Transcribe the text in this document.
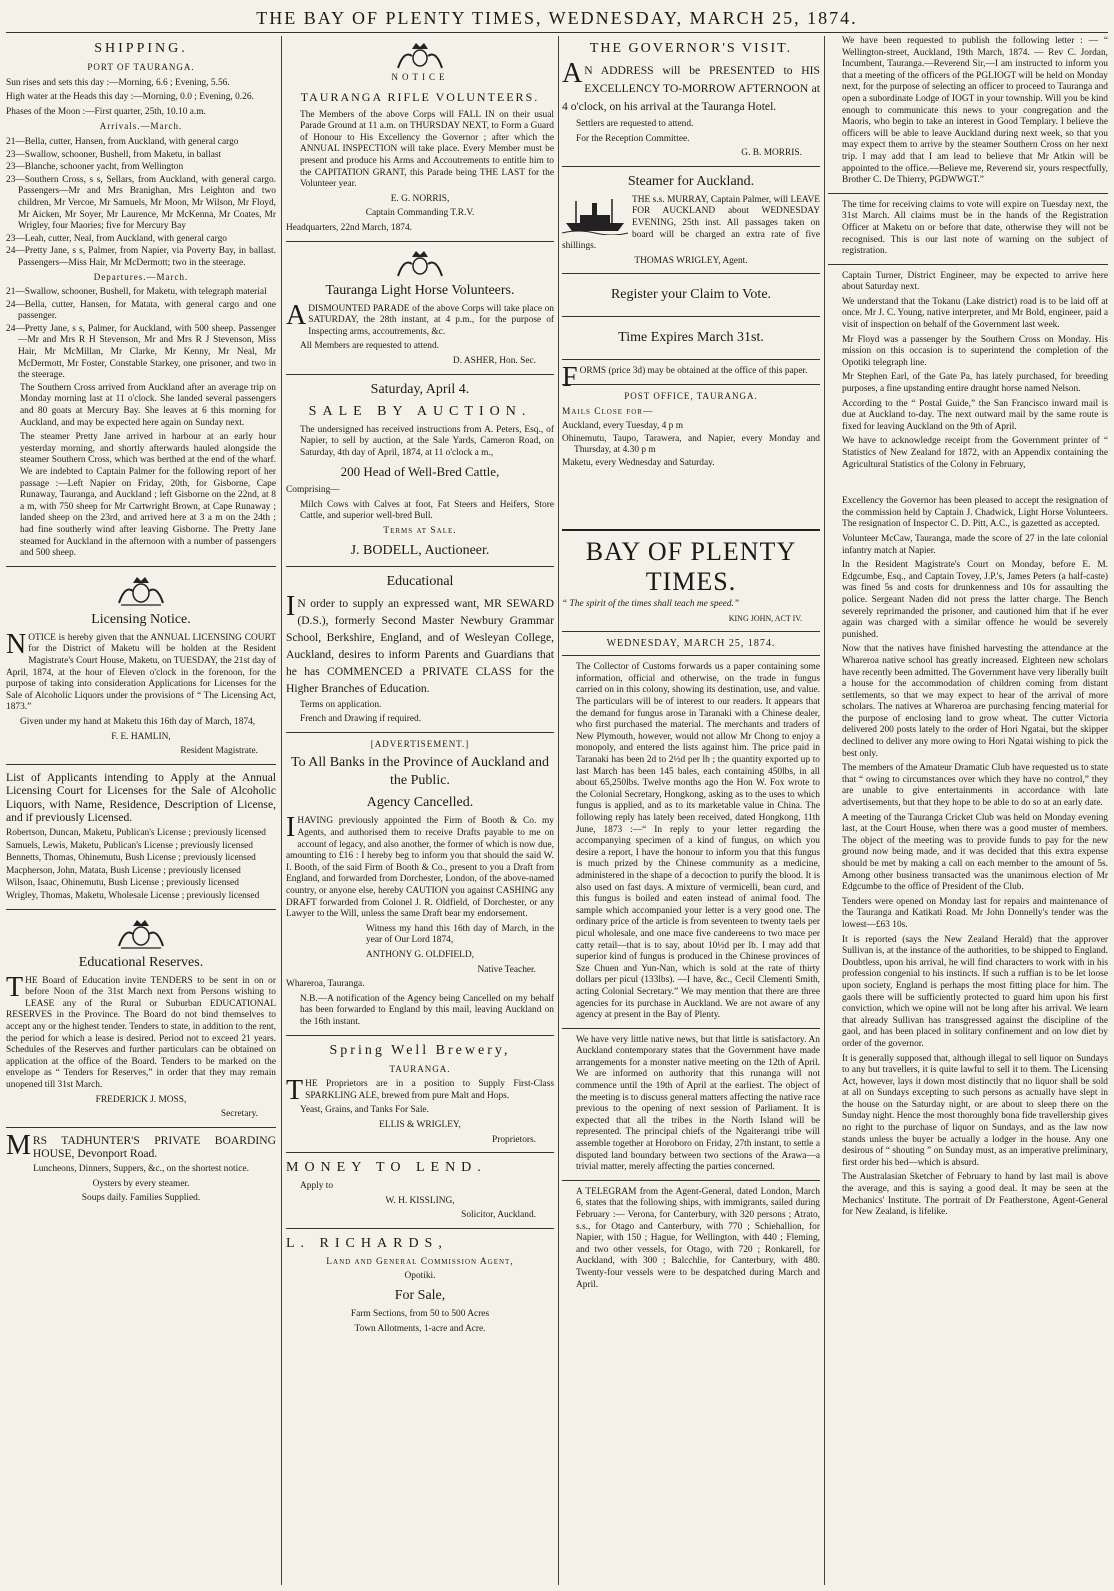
THE BAY OF PLENTY TIMES, WEDNESDAY, MARCH 25, 1874.
SHIPPING.
PORT OF TAURANGA.

Sun rises and sets this day :—Morning, 6.6 ; Evening, 5.56.

High water at the Heads this day :—Morning, 0.0 ; Evening, 0.26.

Phases of the Moon :—First quarter, 25th, 10.10 a.m.

Arrivals.—March.

21—Bella, cutter, Hansen, from Auckland, with general cargo

23—Swallow, schooner, Bushell, from Maketu, in ballast

23—Blanche, schooner yacht, from Wellington

23—Southern Cross, s s, Sellars, from Auckland, with general cargo. Passengers—Mr and Mrs Branighan, Mrs Leighton and two children, Mr Vercoe, Mr Samuels, Mr Moon, Mr Wilson, Mr Floyd, Mr Aicken, Mr Soyer, Mr Laurence, Mr McKenna, Mr Coates, Mr Wrigley, four Maories; five for Mercury Bay

23—Leah, cutter, Neal, from Auckland, with general cargo

24—Pretty Jane, s s, Palmer, from Napier, via Poverty Bay, in ballast. Passengers—Miss Hair, Mr McDermott; two in the steerage.

Departures.—March.

21—Swallow, schooner, Bushell, for Maketu, with telegraph material

24—Bella, cutter, Hansen, for Matata, with general cargo and one passenger.

24—Pretty Jane, s s, Palmer, for Auckland, with 500 sheep. Passenger—Mr and Mrs R H Stevenson, Mr and Mrs R J Stevenson, Miss Hair, Mr McMillan, Mr Clarke, Mr Kenny, Mr Neal, Mr McDermott, Mr Foster, Constable Starkey, one prisoner, and two in the steerage.

The Southern Cross arrived from Auckland after an average trip on Monday morning last at 11 o'clock. She landed several passengers and 80 goats at Mercury Bay. She leaves at 6 this morning for Auckland, and may be expected here again on Sunday next.

The steamer Pretty Jane arrived in harbour at an early hour yesterday morning, and shortly afterwards hauled alongside the steamer Southern Cross, which was berthed at the end of the wharf. We are indebted to Captain Palmer for the following report of her passage :—Left Napier on Friday, 20th, for Gisborne, Cape Runaway, Tauranga, and Auckland ; left Gisborne on the 22nd, at 8 a m, with 750 sheep for Mr Cartwright Brown, at Cape Runaway ; landed sheep on the 23rd, and arrived here at 3 a m on the 24th ; had fine southerly wind after leaving Gisborne. The Pretty Jane steamed for Auckland in the afternoon with a number of passengers and 500 sheep.

Licensing Notice.

NOTICE is hereby given that the ANNUAL LICENSING COURT for the District of Maketu will be holden at the Resident Magistrate's Court House, Maketu, on TUESDAY, the 21st day of April, 1874, at the hour of Eleven o'clock in the forenoon, for the purpose of taking into consideration Applications for Licenses for the Sale of Alcoholic Liquors under the provisions of “ The Licensing Act, 1873.”

Given under my hand at Maketu this 16th day of March, 1874,

F. E. HAMLIN,

Resident Magistrate.

List of Applicants intending to Apply at the Annual Licensing Court for Licenses for the Sale of Alcoholic Liquors, with Name, Residence, Description of License, and if previously Licensed.

Robertson, Duncan, Maketu, Publican's License ; previously licensed

Samuels, Lewis, Maketu, Publican's License ; previously licensed

Bennetts, Thomas, Ohinemutu, Bush License ; previously licensed

Macpherson, John, Matata, Bush License ; previously licensed

Wilson, Isaac, Ohinemutu, Bush License ; previously licensed

Wrigley, Thomas, Maketu, Wholesale License ; previously licensed

Educational Reserves.

THE Board of Education invite TENDERS to be sent in on or before Noon of the 31st March next from Persons wishing to LEASE any of the Rural or Suburban EDUCATIONAL RESERVES in the Province. The Board do not bind themselves to accept any or the highest tender. Tenders to state, in addition to the rent, the period for which a lease is desired. Period not to exceed 21 years. Schedules of the Reserves and further particulars can be obtained on application at the office of the Board. Tenders to be marked on the envelope as “ Tenders for Reserves,” in order that they may remain unopened till 31st March.

FREDERICK J. MOSS,

Secretary.

MRS TADHUNTER'S PRIVATE BOARDING HOUSE, Devonport Road.

Luncheons, Dinners, Suppers, &c., on the shortest notice.

Oysters by every steamer.

Soups daily. Families Supplied.

NOTICE
TAURANGA RIFLE VOLUNTEERS.

The Members of the above Corps will FALL IN on their usual Parade Ground at 11 a.m. on THURSDAY NEXT, to Form a Guard of Honour to His Excellency the Governor ; after which the ANNUAL INSPECTION will take place. Every Member must be present and produce his Arms and Accoutrements to entitle him to the CAPITATION GRANT, this Parade being THE LAST for the Volunteer year.

E. G. NORRIS,

Captain Commanding T.R.V.

Headquarters, 22nd March, 1874.

Tauranga Light Horse Volunteers.

ADISMOUNTED PARADE of the above Corps will take place on SATURDAY, the 28th instant, at 4 p.m., for the purpose of Inspecting arms, accoutrements, &c.

All Members are requested to attend.

D. ASHER, Hon. Sec.

Saturday, April 4.
SALE BY AUCTION.

The undersigned has received instructions from A. Peters, Esq., of Napier, to sell by auction, at the Sale Yards, Cameron Road, on Saturday, 4th day of April, 1874, at 11 o'clock a m.,

200 Head of Well-Bred Cattle,

Comprising—

Milch Cows with Calves at foot, Fat Steers and Heifers, Store Cattle, and superior well-bred Bull.

Terms at Sale.

J. BODELL, Auctioneer.
Educational

IN order to supply an expressed want, MR SEWARD (D.S.), formerly Second Master Newbury Grammar School, Berkshire, England, and of Wesleyan College, Auckland, desires to inform Parents and Guardians that he has COMMENCED a PRIVATE CLASS for the Higher Branches of Education.

Terms on application.

French and Drawing if required.

[ADVERTISEMENT.]
To All Banks in the Province of Auckland and the Public.
Agency Cancelled.

IHAVING previously appointed the Firm of Booth & Co. my Agents, and authorised them to receive Drafts payable to me on account of legacy, and also another, the former of which is now due, amounting to £16 : I hereby beg to inform you that should the said W. I. Booth, of the said Firm of Booth & Co., present to you a Draft from England, and forwarded from Dorchester, London, of the above-named country, or anyone else, hereby CAUTION you against CASHING any DRAFT forwarded from Colonel J. R. Oldfield, of Dorchester, or any Lawyer to the Will, unless the same Draft bear my endorsement.

Witness my hand this 16th day of March, in the year of Our Lord 1874,

ANTHONY G. OLDFIELD,

Native Teacher.

Whareroa, Tauranga.

N.B.—A notification of the Agency being Cancelled on my behalf has been forwarded to England by this mail, leaving Auckland on the 16th instant.

Spring Well Brewery,
TAURANGA.

THE Proprietors are in a position to Supply First-Class SPARKLING ALE, brewed from pure Malt and Hops.

Yeast, Grains, and Tanks For Sale.

ELLIS & WRIGLEY,

Proprietors.

MONEY TO LEND.

Apply to

W. H. KISSLING,

Solicitor, Auckland.

L. RICHARDS,

Land and General Commission Agent,

Opotiki.

For Sale,

Farm Sections, from 50 to 500 Acres

Town Allotments, 1-acre and Acre.

THE GOVERNOR'S VISIT.

AN ADDRESS will be PRESENTED to HIS EXCELLENCY TO-MORROW AFTERNOON at 4 o'clock, on his arrival at the Tauranga Hotel.

Settlers are requested to attend.

For the Reception Committee.

G. B. MORRIS.

Steamer for Auckland.

THE s.s. MURRAY, Captain Palmer, will LEAVE FOR AUCKLAND about WEDNESDAY EVENING, 25th inst. All passages taken on board will be charged an extra rate of five shillings.

THOMAS WRIGLEY, Agent.

Register your Claim to Vote.
Time Expires March 31st.

FORMS (price 3d) may be obtained at the office of this paper.

POST OFFICE, TAURANGA.

Mails Close for—

Auckland, every Tuesday, 4 p m

Ohinemutu, Taupo, Tarawera, and Napier, every Monday and Thursday, at 4.30 p m

Maketu, every Wednesday and Saturday.

BAY OF PLENTY TIMES.

“ The spirit of the times shall teach me speed.”

KING JOHN, ACT IV.

WEDNESDAY, MARCH 25, 1874.

The Collector of Customs forwards us a paper containing some information, official and otherwise, on the trade in fungus carried on in this colony, showing its destination, use, and value. The particulars will be of interest to our readers. It appears that the demand for fungus arose in Taranaki with a Chinese dealer, who first purchased the material. The merchants and traders of New Plymouth, however, would not allow Mr Chong to enjoy a monopoly, and entered the lists against him. The price paid in Taranaki has been 2d to 2½d per lb ; the quantity exported up to last March has been 145 bales, each containing 450lbs, in all about 65,250lbs. Twelve months ago the Hon W. Fox wrote to the Colonial Secretary, Hongkong, asking as to the uses to which fungus is applied, and as to its marketable value in China. The following reply has lately been received, dated Hongkong, 11th June, 1873 :—“ In reply to your letter regarding the accompanying specimen of a kind of fungus, on which you desire a report, I have the honour to inform you that this fungus is much prized by the Chinese community as a medicine, administered in the shape of a decoction to purify the blood. It is also used on fast days. A mixture of vermicelli, bean curd, and this fungus is boiled and eaten instead of animal food. The sample which accompanied your letter is a very good one. The ordinary price of the article is from seventeen to twenty taels per picul wholesale, and one mace five candereens to two mace per catty retail—that is to say, about 10½d per lb. I may add that superior kind of fungus is produced in the Chinese provinces of Sze Chuen and Yun-Nan, which is sold at the rate of thirty dollars per picul (133lbs). —I have, &c., Cecil Clementi Smith, acting Colonial Secretary.” We may mention that there are three agencies for its purchase in Auckland. We are not aware of any agency at present in the Bay of Plenty.

We have very little native news, but that little is satisfactory. An Auckland contemporary states that the Government have made arrangements for a monster native meeting on the 12th of April. We are informed on authority that this runanga will not commence until the 19th of April at the earliest. The object of the meeting is to discuss general matters affecting the native race previous to the opening of next session of Parliament. It is expected that all the tribes in the North Island will be represented. The principal chiefs of the Ngaiterangi tribe will assemble together at Horoboro on Friday, 27th instant, to settle a disputed land boundary between two sections of the Arawa—a trivial matter, merely affecting the parties concerned.

A TELEGRAM from the Agent-General, dated London, March 6, states that the following ships, with immigrants, sailed during February :— Verona, for Canterbury, with 320 persons ; Atrato, s.s., for Otago and Canterbury, with 770 ; Schiehallion, for Napier, with 150 ; Hague, for Wellington, with 440 ; Fleming, and two other vessels, for Otago, with 720 ; Ronkarell, for Auckland, with 300 ; Balcchlie, for Canterbury, with 480. Twenty-four vessels were to be despatched during March and April.

We have been requested to publish the following letter : — “ Wellington-street, Auckland, 19th March, 1874. — Rev C. Jordan, Incumbent, Tauranga.—Reverend Sir,—I am instructed to inform you that a meeting of the officers of the PGLIOGT will be held on Monday next, for the purpose of selecting an officer to proceed to Tauranga and open a subordinate Lodge of IOGT in your township. Will you be kind enough to communicate this news to your congregation and the Maoris, who begin to take an interest in Good Templary. I believe the officers will be able to leave Auckland during next week, so that you may expect them to arrive by the steamer Southern Cross on her next trip. I may add that I am lead to believe that Mr Atkin will be appointed to the office.—Believe me, Reverend sir, yours respectfully, Brother C. De Thierry, PGDWWGT.”

The time for receiving claims to vote will expire on Tuesday next, the 31st March. All claims must be in the hands of the Registration Officer at Maketu on or before that date, otherwise they will not be recognised. This is our last note of warning on the subject of registration.

Captain Turner, District Engineer, may be expected to arrive here about Saturday next.

We understand that the Tokanu (Lake district) road is to be laid off at once. Mr J. C. Young, native interpreter, and Mr Bold, engineer, paid a visit of inspection on behalf of the Government last week.

Mr Floyd was a passenger by the Southern Cross on Monday. His mission on this occasion is to superintend the completion of the Opotiki telegraph line.

Mr Stephen Earl, of the Gate Pa, has lately purchased, for breeding purposes, a fine upstanding entire draught horse named Nelson.

According to the “ Postal Guide,” the San Francisco inward mail is due at Auckland to-day. The next outward mail by the same route is fixed for leaving Auckland on the 9th of April.

We have to acknowledge receipt from the Government printer of “ Statistics of New Zealand for 1872, with an Appendix containing the Agricultural Statistics of the Colony in February,

Excellency the Governor has been pleased to accept the resignation of the commission held by Captain J. Chadwick, Light Horse Volunteers. The resignation of Inspector C. D. Pitt, A.C., is gazetted as accepted.

Volunteer McCaw, Tauranga, made the score of 27 in the late colonial infantry match at Napier.

In the Resident Magistrate's Court on Monday, before E. M. Edgcumbe, Esq., and Captain Tovey, J.P.'s, James Peters (a half-caste) was fined 5s and costs for drunkenness and 10s for assaulting the police. Sergeant Naden did not press the latter charge. The Bench severely reprimanded the prisoner, and cautioned him that if he ever again was charged with a similar offence he would be severely punished.

Now that the natives have finished harvesting the attendance at the Whareroa native school has greatly increased. Eighteen new scholars have recently been admitted. The Government have very liberally built a house for the accommodation of children coming from distant settlements, so that we may expect to hear of the arrival of more scholars. The natives at Whareroa are purchasing fencing material for the purpose of enclosing land to grow wheat. The cutter Victoria delivered 200 posts lately to the order of Hori Ngatai, but the skipper declined to deliver any more owing to Hori Ngatai wishing to pick the best only.

The members of the Amateur Dramatic Club have requested us to state that “ owing to circumstances over which they have no control,” they are unable to give entertainments in accordance with late advertisements, but that they hope to be able to do so at an early date.

A meeting of the Tauranga Cricket Club was held on Monday evening last, at the Court House, when there was a good muster of members. The object of the meeting was to provide funds to pay for the new ground now being made, and it was decided that this extra expense should be met by making a call on each member to the amount of 5s. Among other business transacted was the unanimous election of Mr Edgcumbe to the office of President of the Club.

Tenders were opened on Monday last for repairs and maintenance of the Tauranga and Katikati Road. Mr John Donnelly's tender was the lowest—£63 10s.

It is reported (says the New Zealand Herald) that the approver Sullivan is, at the instance of the authorities, to be shipped to England. Doubtless, upon his arrival, he will find characters to work with in his profession congenial to his instincts. If such a ruffian is to be let loose upon society, England is perhaps the most fitting place for him. The gaols there will be sufficiently protected to guard him upon his first conviction, which we opine will not be long after his arrival. We learn that already Sullivan has transgressed against the discipline of the gaol, and has been placed in solitary confinement and on low diet by order of the governor.

It is generally supposed that, although illegal to sell liquor on Sundays to any but travellers, it is quite lawful to sell it to them. The Licensing Act, however, lays it down most distinctly that no liquor shall be sold at all on Sundays excepting to such persons as actually have slept in the house on the Saturday night, or are about to sleep there on the Sunday night. Hence the most thoroughly bona fide travellership gives no right to the purchase of liquor on Sundays, and as the law now stands unless the buyer be actually a lodger in the house. Any one desirous of “ shouting ” on Sunday must, as an imperative preliminary, first order his bed—which is absurd.

The Australasian Sketcher of February to hand by last mail is above the average, and this is saying a good deal. It may be seen at the Mechanics' Institute. The portrait of Dr Featherstone, Agent-General for New Zealand, is lifelike.
